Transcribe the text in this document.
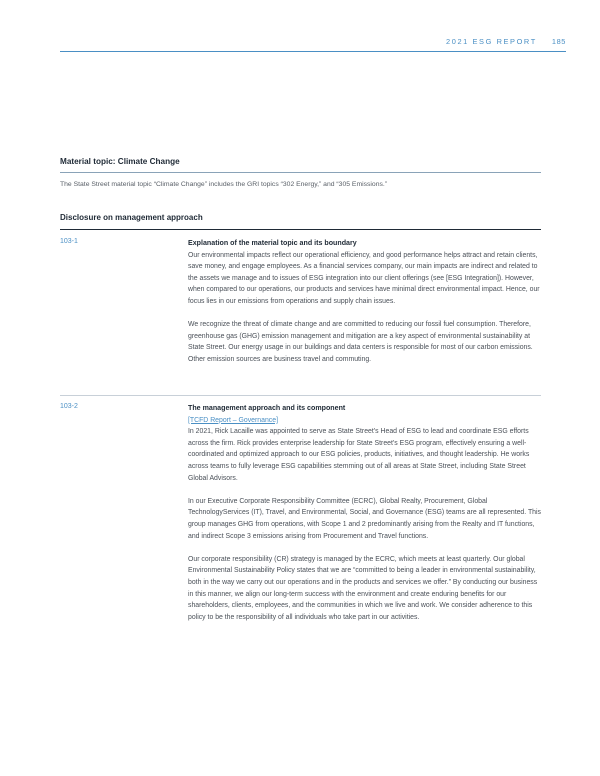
2021 ESG REPORT 185
Material topic: Climate Change
The State Street material topic “Climate Change” includes the GRI topics “302 Energy,” and “305 Emissions.”
Disclosure on management approach
103-1	Explanation of the material topic and its boundary

Our environmental impacts reflect our operational efficiency, and good performance helps attract and retain clients, save money, and engage employees. As a financial services company, our main impacts are indirect and related to the assets we manage and to issues of ESG integration into our client offerings (see [ESG Integration]). However, when compared to our operations, our products and services have minimal direct environmental impact. Hence, our focus lies in our emissions from operations and supply chain issues.

We recognize the threat of climate change and are committed to reducing our fossil fuel consumption. Therefore, greenhouse gas (GHG) emission management and mitigation are a key aspect of environmental sustainability at State Street. Our energy usage in our buildings and data centers is responsible for most of our carbon emissions. Other emission sources are business travel and commuting.

103-2	The management approach and its component
[TCFD Report – Governance]

In 2021, Rick Lacaille was appointed to serve as State Street’s Head of ESG to lead and coordinate ESG efforts across the firm. Rick provides enterprise leadership for State Street’s ESG program, effectively ensuring a well-coordinated and optimized approach to our ESG policies, products, initiatives, and thought leadership. He works across teams to fully leverage ESG capabilities stemming out of all areas at State Street, including State Street Global Advisors.

In our Executive Corporate Responsibility Committee (ECRC), Global Realty, Procurement, Global TechnologyServices (IT), Travel, and Environmental, Social, and Governance (ESG) teams are all represented. This group manages GHG from operations, with Scope 1 and 2 predominantly arising from the Realty and IT functions, and indirect Scope 3 emissions arising from Procurement and Travel functions.

Our corporate responsibility (CR) strategy is managed by the ECRC, which meets at least quarterly. Our global Environmental Sustainability Policy states that we are “committed to being a leader in environmental sustainability, both in the way we carry out our operations and in the products and services we offer.” By conducting our business in this manner, we align our long-term success with the environment and create enduring benefits for our shareholders, clients, employees, and the communities in which we live and work. We consider adherence to this policy to be the responsibility of all individuals who take part in our activities.
